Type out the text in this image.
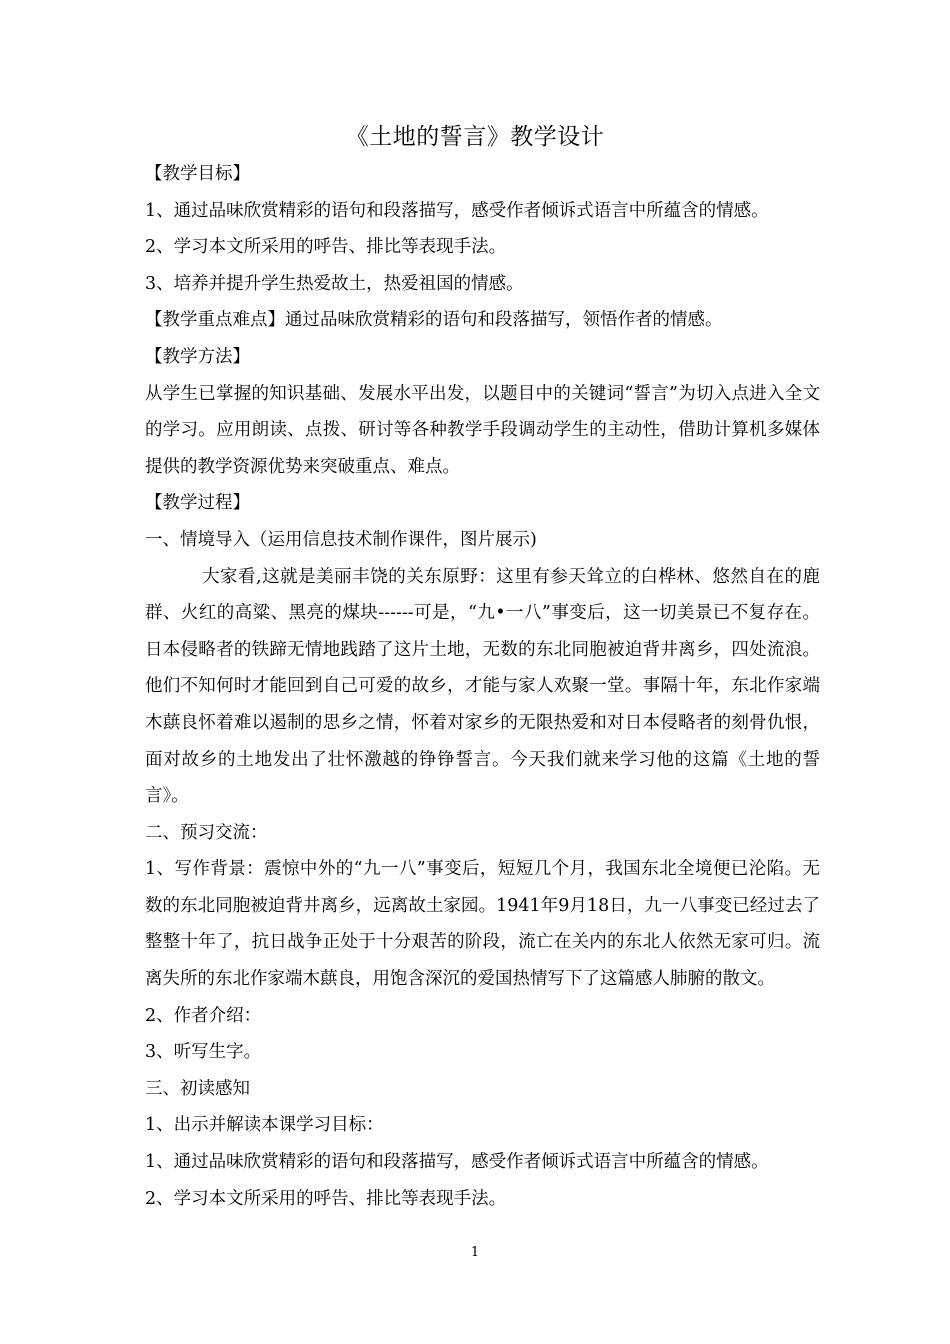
《土地的誓言》教学设计

【教学目标】

1、通过品味欣赏精彩的语句和段落描写，感受作者倾诉式语言中所蕴含的情感。

2、学习本文所采用的呼告、排比等表现手法。

3、培养并提升学生热爱故土，热爱祖国的情感。

【教学重点难点】通过品味欣赏精彩的语句和段落描写，领悟作者的情感。

【教学方法】

从学生已掌握的知识基础、发展水平出发，以题目中的关键词“誓言”为切入点进入全文的学习。应用朗读、点拨、研讨等各种教学手段调动学生的主动性，借助计算机多媒体提供的教学资源优势来突破重点、难点。

【教学过程】

一、情境导入（运用信息技术制作课件，图片展示)

大家看,这就是美丽丰饶的关东原野：这里有参天耸立的白桦林、悠然自在的鹿群、火红的高粱、黑亮的煤块------可是，“九•一八”事变后，这一切美景已不复存在。日本侵略者的铁蹄无情地践踏了这片土地，无数的东北同胞被迫背井离乡，四处流浪。他们不知何时才能回到自己可爱的故乡，才能与家人欢聚一堂。事隔十年，东北作家端木蕻良怀着难以遏制的思乡之情，怀着对家乡的无限热爱和对日本侵略者的刻骨仇恨，面对故乡的土地发出了壮怀激越的铮铮誓言。今天我们就来学习他的这篇《土地的誓言》。

二、预习交流：

1、写作背景：震惊中外的“九一八”事变后，短短几个月，我国东北全境便已沦陷。无数的东北同胞被迫背井离乡，远离故土家园。1941年9月18日，九一八事变已经过去了整整十年了，抗日战争正处于十分艰苦的阶段，流亡在关内的东北人依然无家可归。流离失所的东北作家端木蕻良，用饱含深沉的爱国热情写下了这篇感人肺腑的散文。

2、作者介绍：

3、听写生字。

三、初读感知

1、出示并解读本课学习目标：

1、通过品味欣赏精彩的语句和段落描写，感受作者倾诉式语言中所蕴含的情感。

2、学习本文所采用的呼告、排比等表现手法。

1
